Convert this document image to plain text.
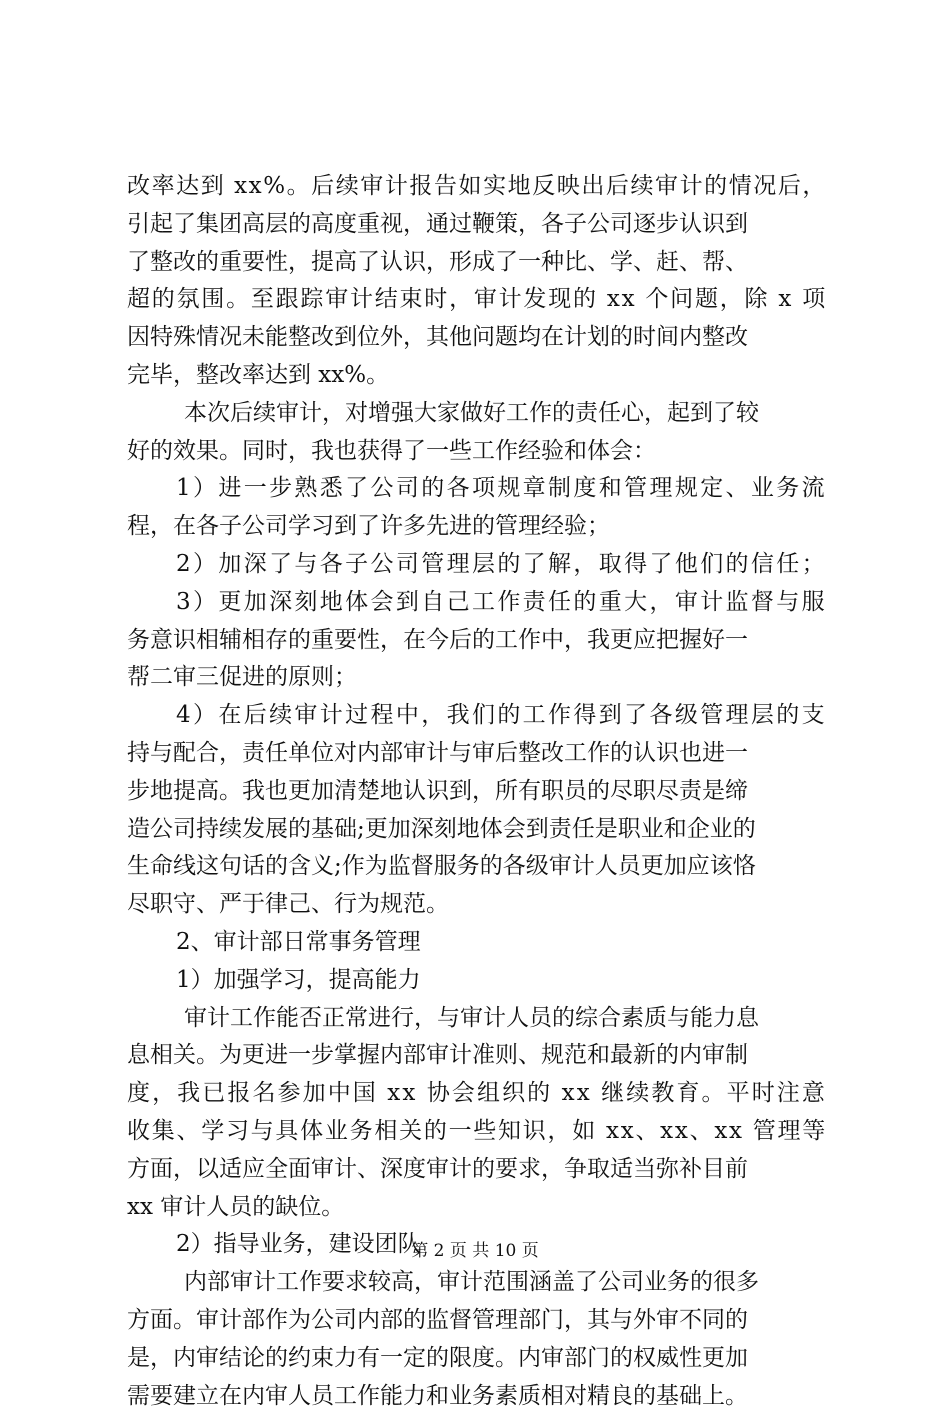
改率达到 xx%。后续审计报告如实地反映出后续审计的情况后，
引起了集团高层的高度重视，通过鞭策，各子公司逐步认识到
了整改的重要性，提高了认识，形成了一种比、学、赶、帮、
超的氛围。至跟踪审计结束时，审计发现的 xx 个问题，除 x 项
因特殊情况未能整改到位外，其他问题均在计划的时间内整改
完毕，整改率达到 xx%。
本次后续审计，对增强大家做好工作的责任心，起到了较
好的效果。同时，我也获得了一些工作经验和体会：
1）进一步熟悉了公司的各项规章制度和管理规定、业务流
程，在各子公司学习到了许多先进的管理经验；
2）加深了与各子公司管理层的了解，取得了他们的信任；
3）更加深刻地体会到自己工作责任的重大，审计监督与服
务意识相辅相存的重要性，在今后的工作中，我更应把握好一
帮二审三促进的原则；
4）在后续审计过程中，我们的工作得到了各级管理层的支
持与配合，责任单位对内部审计与审后整改工作的认识也进一
步地提高。我也更加清楚地认识到，所有职员的尽职尽责是缔
造公司持续发展的基础;更加深刻地体会到责任是职业和企业的
生命线这句话的含义;作为监督服务的各级审计人员更加应该恪
尽职守、严于律己、行为规范。
2、审计部日常事务管理
1）加强学习，提高能力
审计工作能否正常进行，与审计人员的综合素质与能力息
息相关。为更进一步掌握内部审计准则、规范和最新的内审制
度，我已报名参加中国 xx 协会组织的 xx 继续教育。平时注意
收集、学习与具体业务相关的一些知识，如 xx、xx、xx 管理等
方面，以适应全面审计、深度审计的要求，争取适当弥补目前
xx 审计人员的缺位。
2）指导业务，建设团队
内部审计工作要求较高，审计范围涵盖了公司业务的很多
方面。审计部作为公司内部的监督管理部门，其与外审不同的
是，内审结论的约束力有一定的限度。内审部门的权威性更加
需要建立在内审人员工作能力和业务素质相对精良的基础上。
第 2 页 共 10 页
